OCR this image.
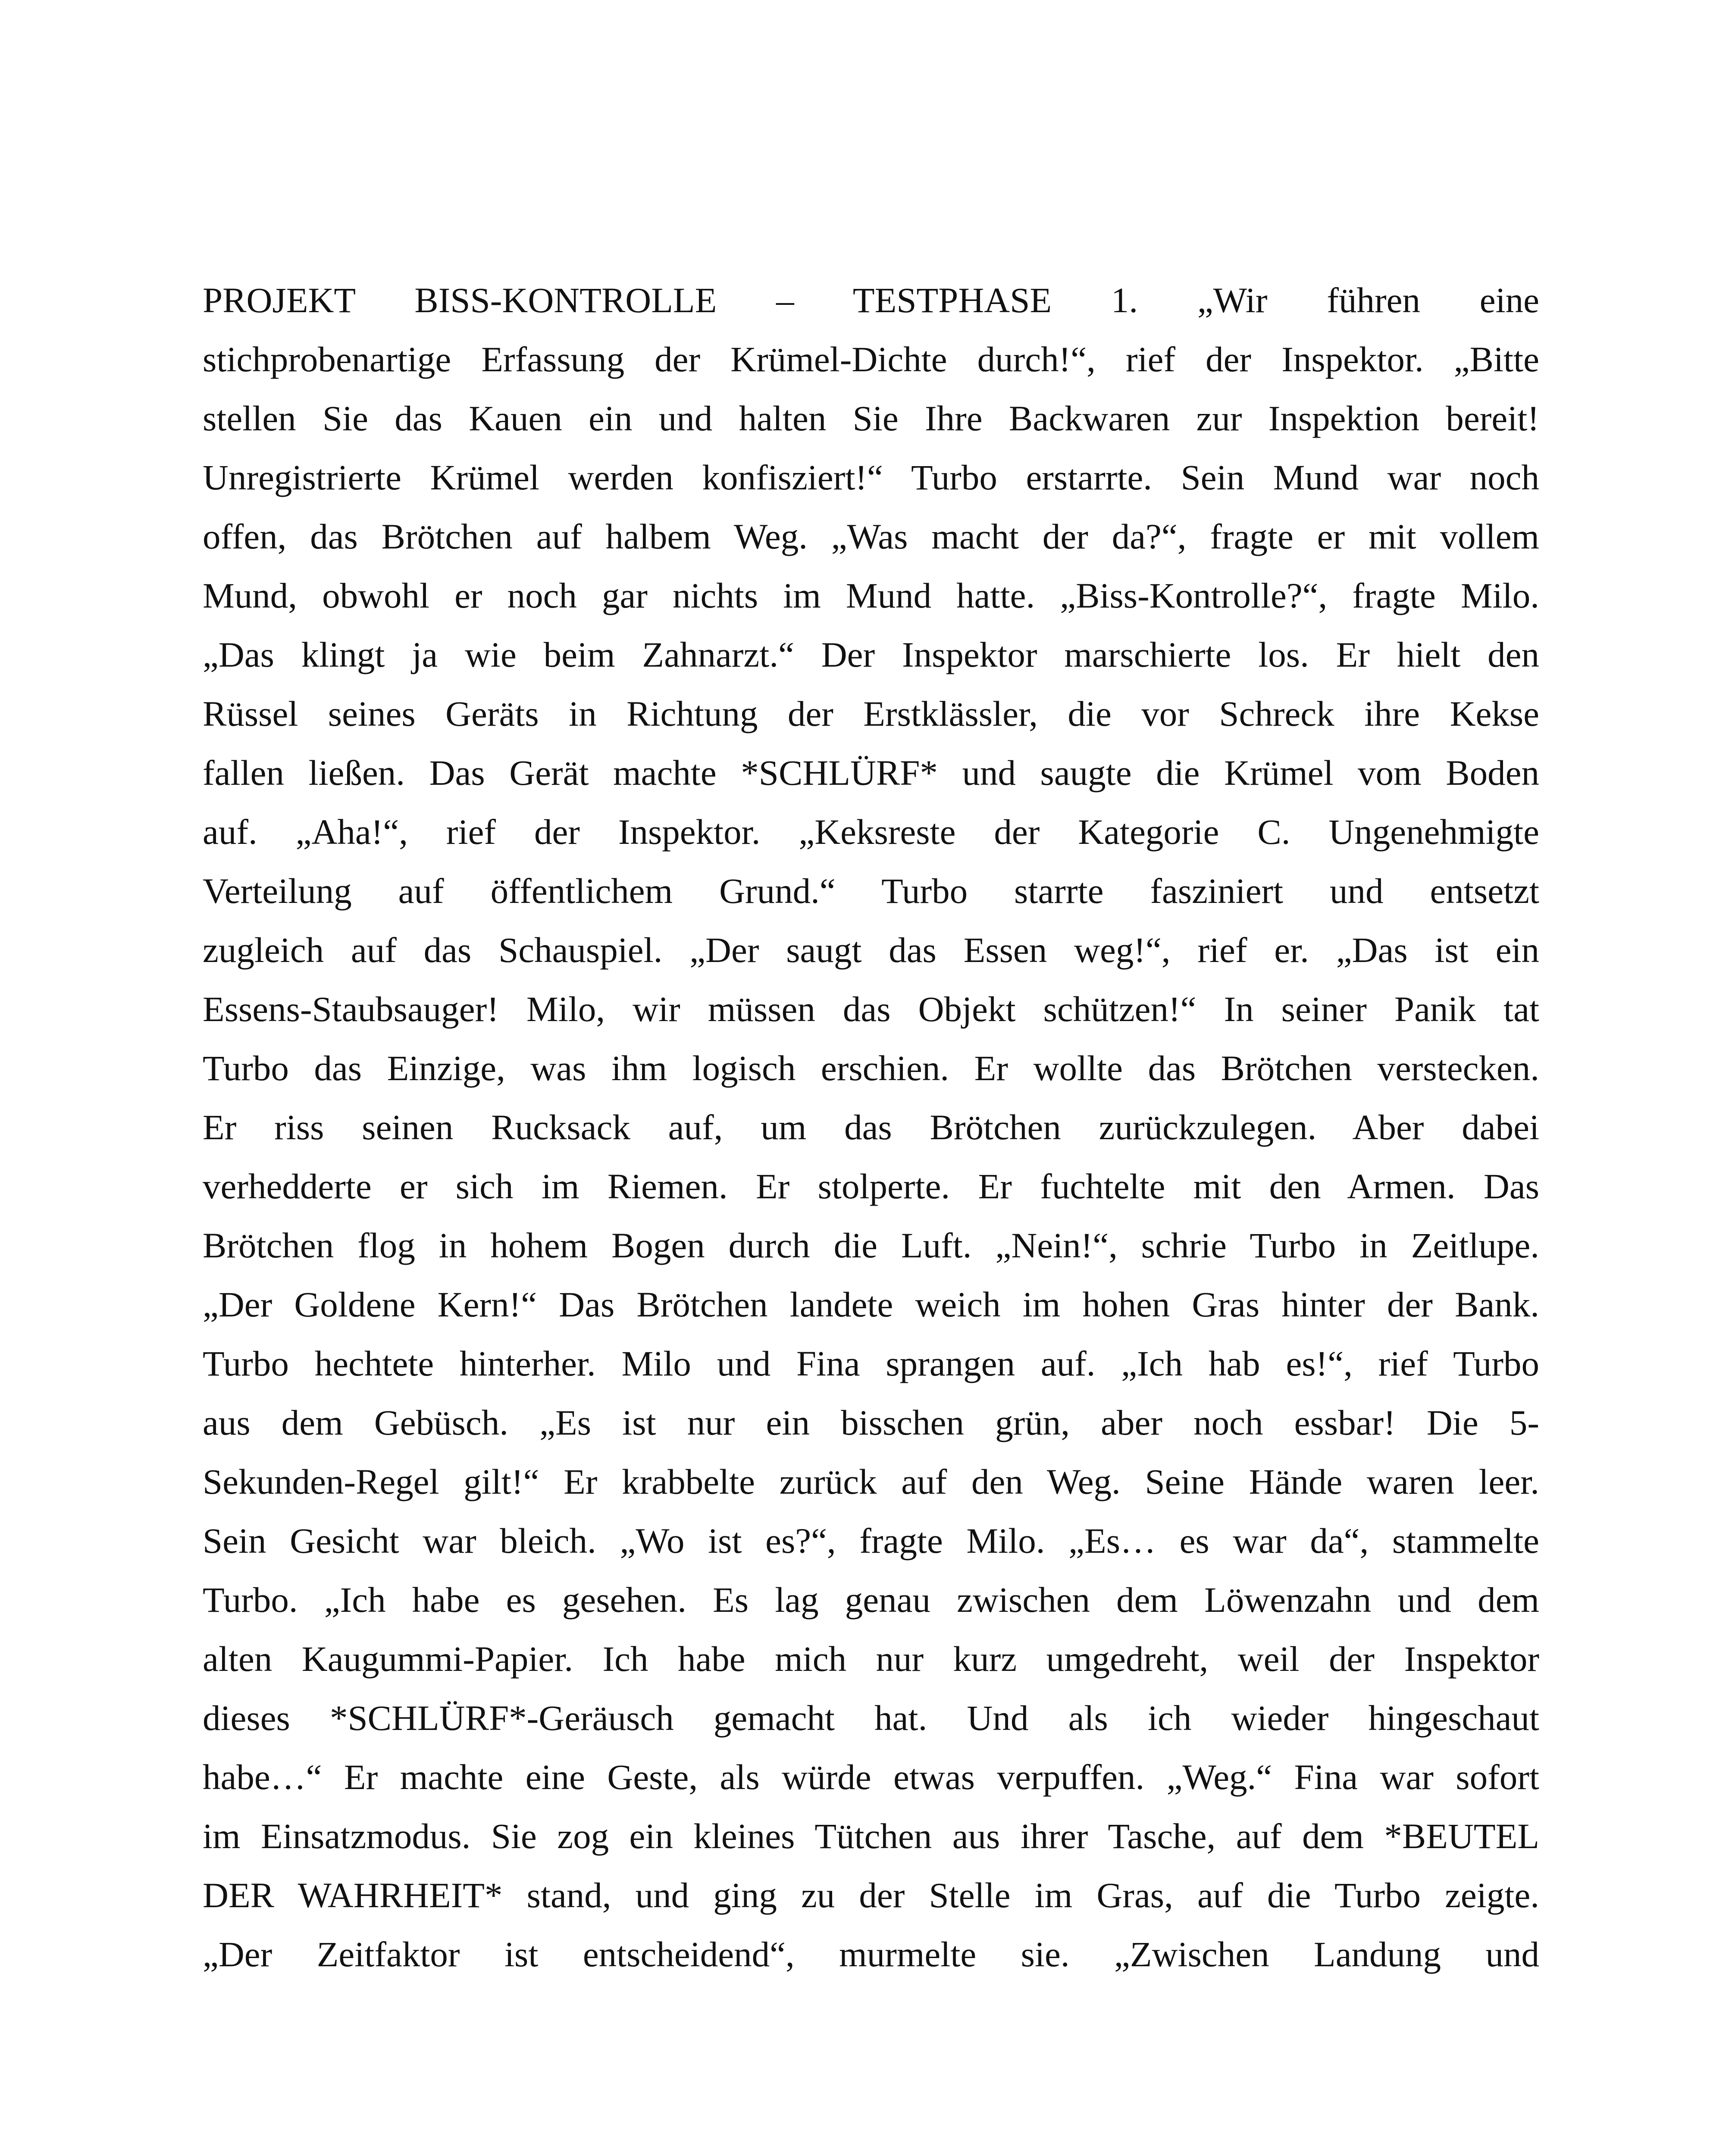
PROJEKT BISS-KONTROLLE – TESTPHASE 1. „Wir führen eine
stichprobenartige Erfassung der Krümel-Dichte durch!“, rief der Inspektor. „Bitte
stellen Sie das Kauen ein und halten Sie Ihre Backwaren zur Inspektion bereit!
Unregistrierte Krümel werden konfisziert!“ Turbo erstarrte. Sein Mund war noch
offen, das Brötchen auf halbem Weg. „Was macht der da?“, fragte er mit vollem
Mund, obwohl er noch gar nichts im Mund hatte. „Biss-Kontrolle?“, fragte Milo.
„Das klingt ja wie beim Zahnarzt.“ Der Inspektor marschierte los. Er hielt den
Rüssel seines Geräts in Richtung der Erstklässler, die vor Schreck ihre Kekse
fallen ließen. Das Gerät machte *SCHLÜRF* und saugte die Krümel vom Boden
auf. „Aha!“, rief der Inspektor. „Keksreste der Kategorie C. Ungenehmigte
Verteilung auf öffentlichem Grund.“ Turbo starrte fasziniert und entsetzt
zugleich auf das Schauspiel. „Der saugt das Essen weg!“, rief er. „Das ist ein
Essens-Staubsauger! Milo, wir müssen das Objekt schützen!“ In seiner Panik tat
Turbo das Einzige, was ihm logisch erschien. Er wollte das Brötchen verstecken.
Er riss seinen Rucksack auf, um das Brötchen zurückzulegen. Aber dabei
verhedderte er sich im Riemen. Er stolperte. Er fuchtelte mit den Armen. Das
Brötchen flog in hohem Bogen durch die Luft. „Nein!“, schrie Turbo in Zeitlupe.
„Der Goldene Kern!“ Das Brötchen landete weich im hohen Gras hinter der Bank.
Turbo hechtete hinterher. Milo und Fina sprangen auf. „Ich hab es!“, rief Turbo
aus dem Gebüsch. „Es ist nur ein bisschen grün, aber noch essbar! Die 5-
Sekunden-Regel gilt!“ Er krabbelte zurück auf den Weg. Seine Hände waren leer.
Sein Gesicht war bleich. „Wo ist es?“, fragte Milo. „Es… es war da“, stammelte
Turbo. „Ich habe es gesehen. Es lag genau zwischen dem Löwenzahn und dem
alten Kaugummi-Papier. Ich habe mich nur kurz umgedreht, weil der Inspektor
dieses *SCHLÜRF*-Geräusch gemacht hat. Und als ich wieder hingeschaut
habe…“ Er machte eine Geste, als würde etwas verpuffen. „Weg.“ Fina war sofort
im Einsatzmodus. Sie zog ein kleines Tütchen aus ihrer Tasche, auf dem *BEUTEL
DER WAHRHEIT* stand, und ging zu der Stelle im Gras, auf die Turbo zeigte.
„Der Zeitfaktor ist entscheidend“, murmelte sie. „Zwischen Landung und
